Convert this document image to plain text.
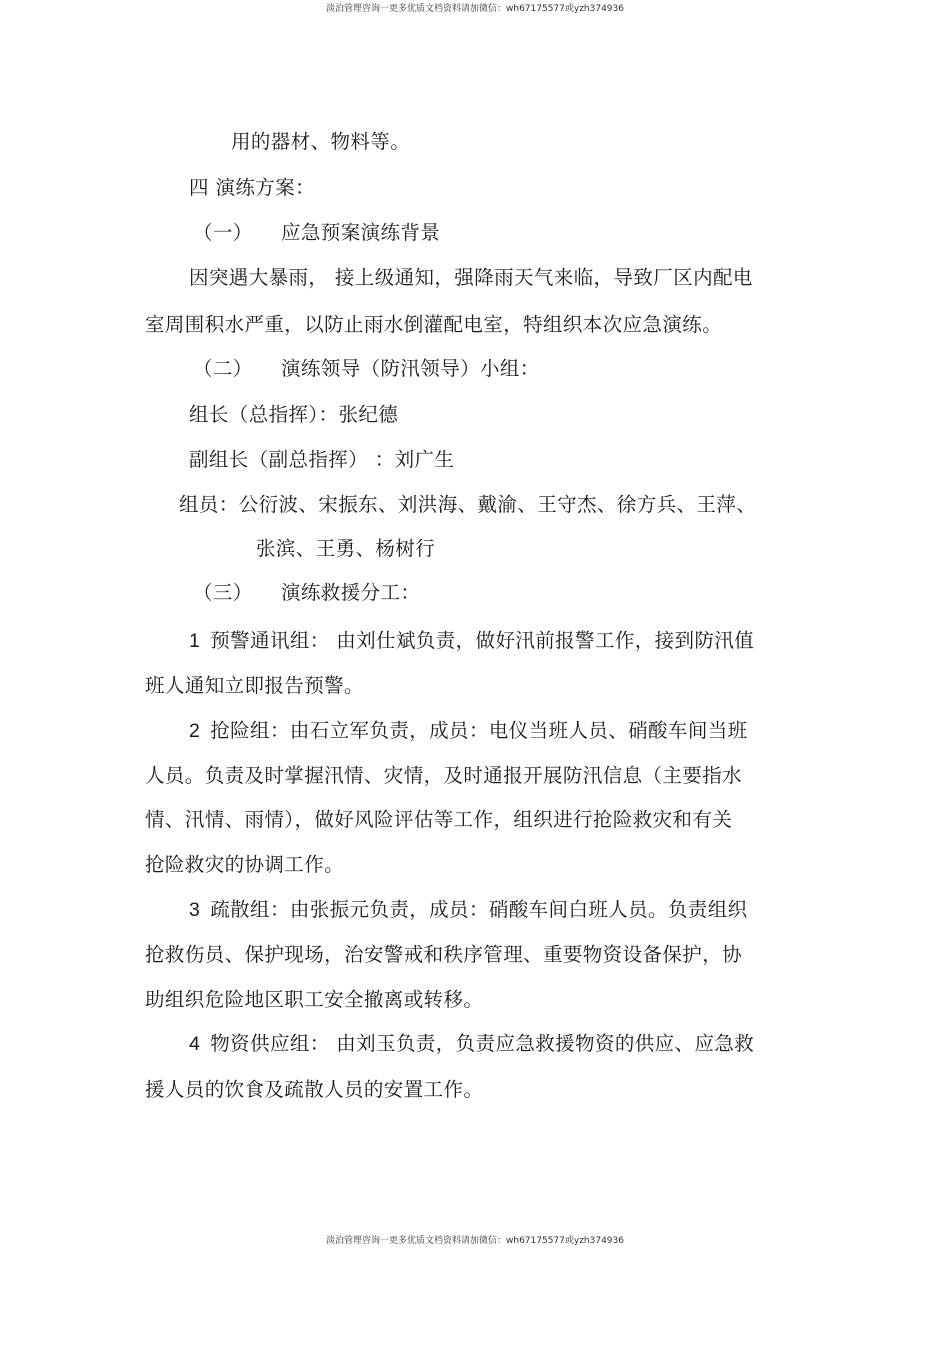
淡泊管理咨询一更多优质文档资料请加微信：wh67175577或yzh374936
用的器材、物料等。
四 演练方案：
（一） 应急预案演练背景
因突遇大暴雨， 接上级通知，强降雨天气来临，导致厂区内配电
室周围积水严重，以防止雨水倒灌配电室，特组织本次应急演练。
（二） 演练领导（防汛领导）小组：
组长（总指挥）：张纪德
副组长（副总指挥） ：刘广生
组员：公衍波、宋振东、刘洪海、戴渝、王守杰、徐方兵、王萍、
张滨、王勇、杨树行
（三） 演练救援分工：
1 预警通讯组： 由刘仕斌负责，做好汛前报警工作，接到防汛值
班人通知立即报告预警。
2 抢险组：由石立军负责，成员：电仪当班人员、硝酸车间当班
人员。负责及时掌握汛情、灾情，及时通报开展防汛信息（主要指水
情、汛情、雨情），做好风险评估等工作，组织进行抢险救灾和有关
抢险救灾的协调工作。
3 疏散组：由张振元负责，成员：硝酸车间白班人员。负责组织
抢救伤员、保护现场，治安警戒和秩序管理、重要物资设备保护，协
助组织危险地区职工安全撤离或转移。
4 物资供应组： 由刘玉负责，负责应急救援物资的供应、应急救
援人员的饮食及疏散人员的安置工作。
淡泊管理咨询一更多优质文档资料请加微信：wh67175577或yzh374936
